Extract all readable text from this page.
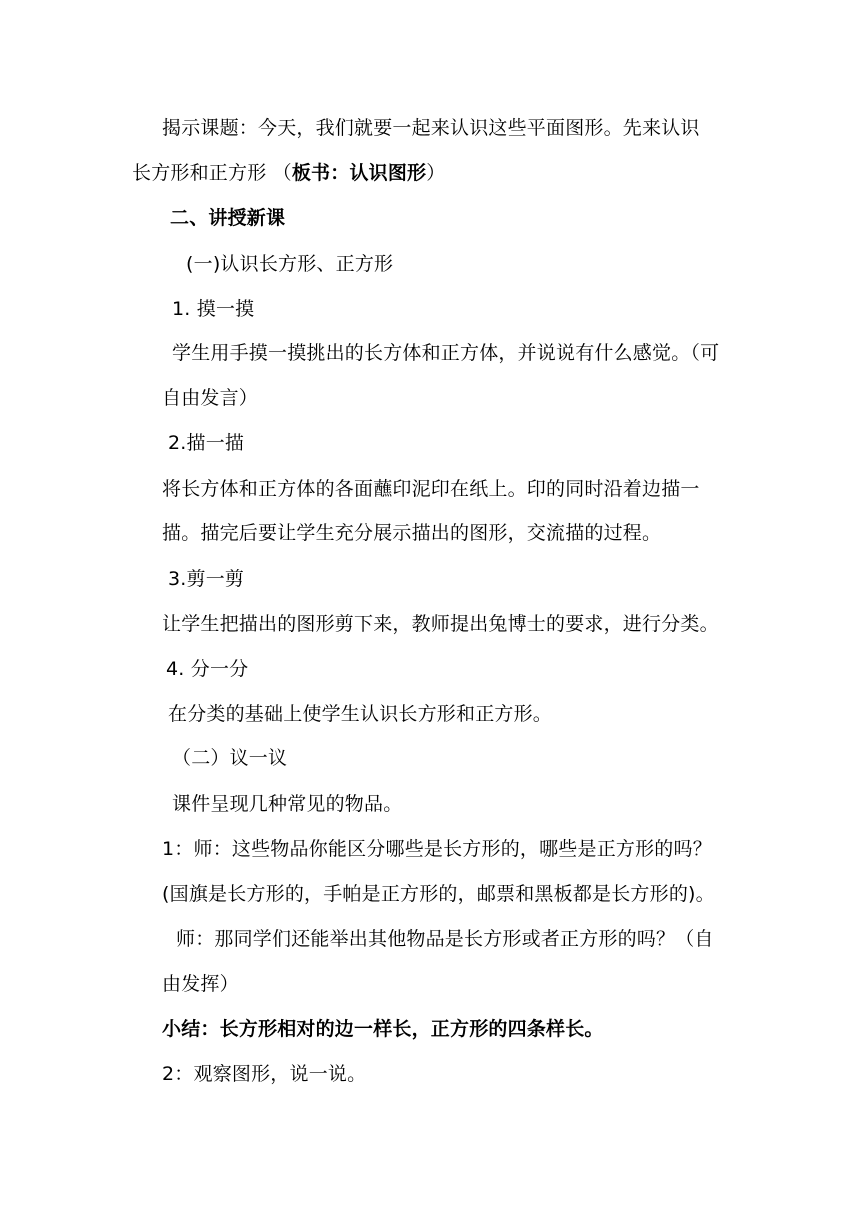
揭示课题：今天，我们就要一起来认识这些平面图形。先来认识
长方形和正方形 （板书：认识图形）
二、讲授新课
(一)认识长方形、正方形
1. 摸一摸
学生用手摸一摸挑出的长方体和正方体，并说说有什么感觉。（可
自由发言）
2.描一描
将长方体和正方体的各面蘸印泥印在纸上。印的同时沿着边描一
描。描完后要让学生充分展示描出的图形，交流描的过程。
3.剪一剪
让学生把描出的图形剪下来，教师提出兔博士的要求，进行分类。
4. 分一分
在分类的基础上使学生认识长方形和正方形。
（二）议一议
课件呈现几种常见的物品。
1：师：这些物品你能区分哪些是长方形的，哪些是正方形的吗？
(国旗是长方形的，手帕是正方形的，邮票和黑板都是长方形的)。
师：那同学们还能举出其他物品是长方形或者正方形的吗？（自
由发挥）
小结：长方形相对的边一样长，正方形的四条样长。
2：观察图形，说一说。
